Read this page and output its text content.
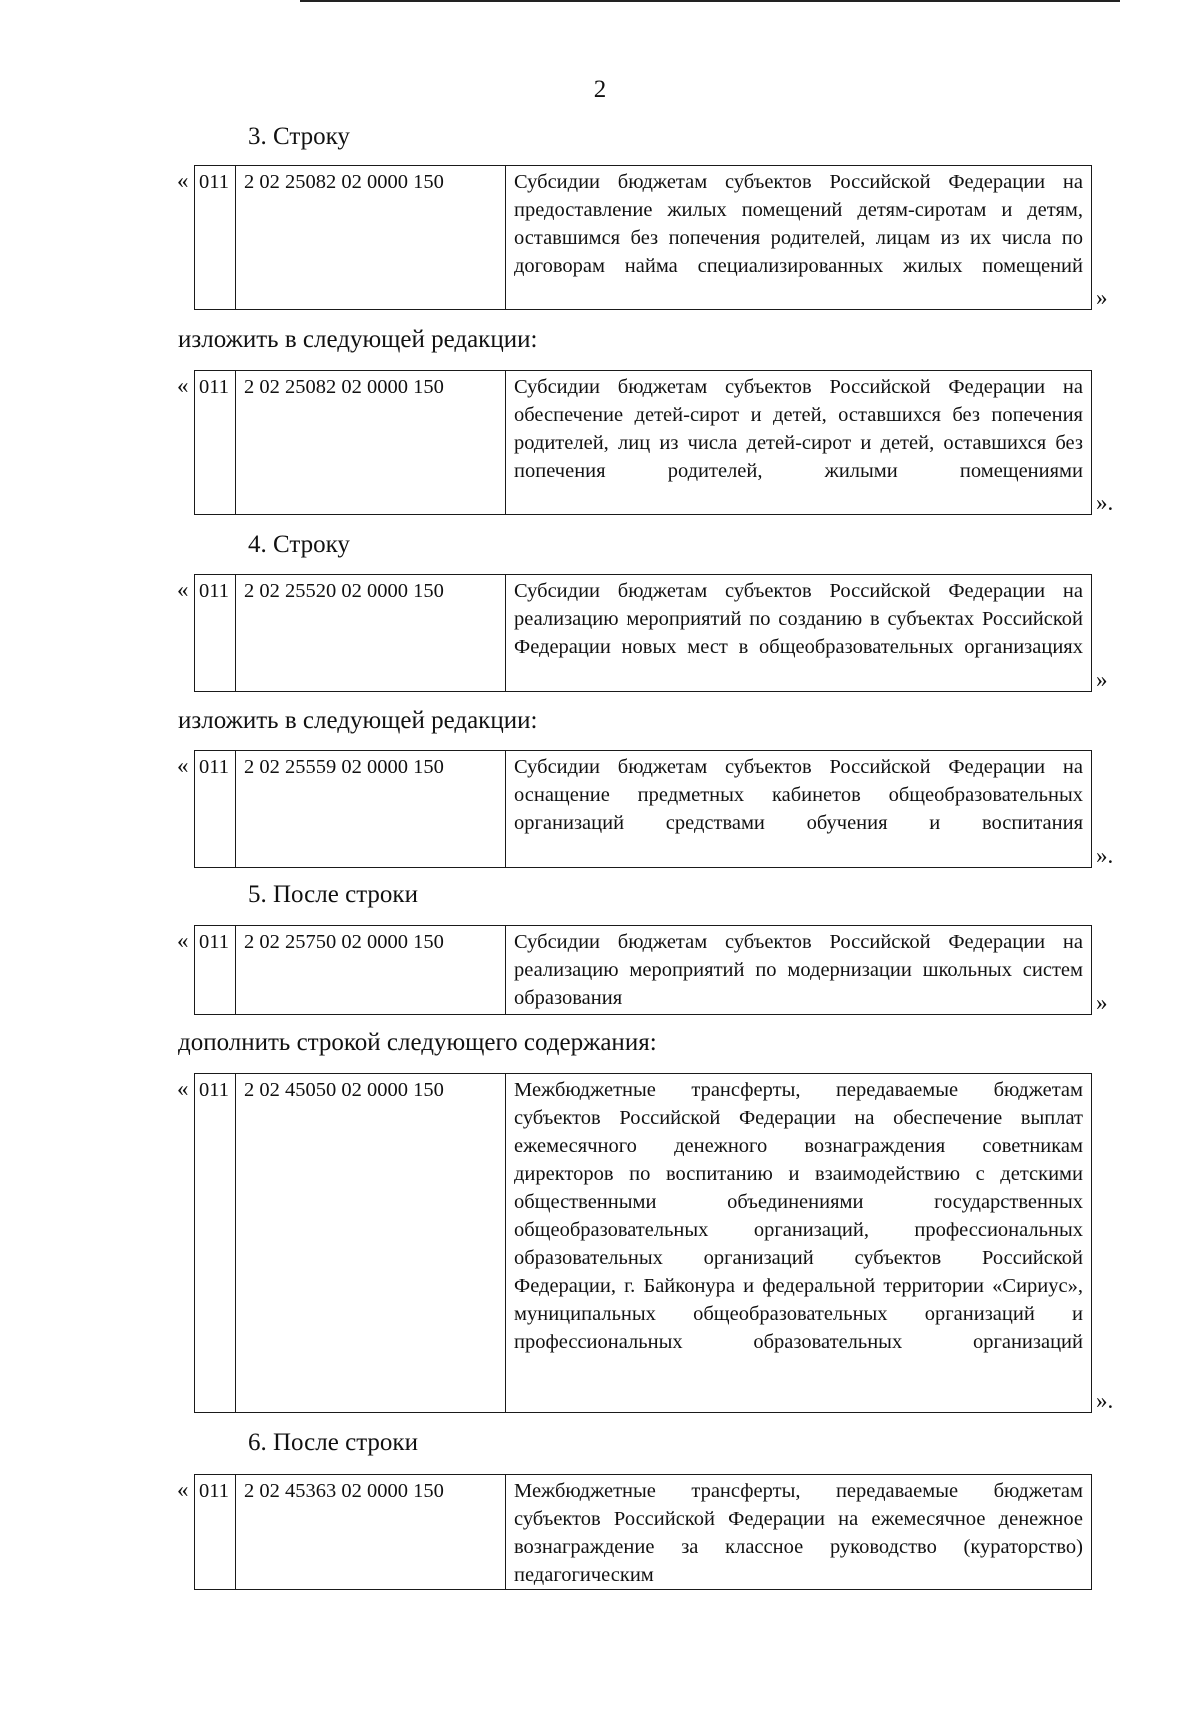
2
3. Строку
« 011	2 02 25082 02 0000 150	Субсидии бюджетам субъектов Российской Федерации на предоставление жилых помещений детям-сиротам и детям, оставшимся без попечения родителей, лицам из их числа по договорам найма специализированных жилых помещений
»
изложить в следующей редакции:
« 011	2 02 25082 02 0000 150	Субсидии бюджетам субъектов Российской Федерации на обеспечение детей-сирот и детей, оставшихся без попечения родителей, лиц из числа детей-сирот и детей, оставшихся без попечения родителей, жилыми помещениями
».
4. Строку
« 011	2 02 25520 02 0000 150	Субсидии бюджетам субъектов Российской Федерации на реализацию мероприятий по созданию в субъектах Российской Федерации новых мест в общеобразовательных организациях
»
изложить в следующей редакции:
« 011	2 02 25559 02 0000 150	Субсидии бюджетам субъектов Российской Федерации на оснащение предметных кабинетов общеобразовательных организаций средствами обучения и воспитания
».
5. После строки
« 011	2 02 25750 02 0000 150	Субсидии бюджетам субъектов Российской Федерации на реализацию мероприятий по модернизации школьных систем образования	»
дополнить строкой следующего содержания:
« 011	2 02 45050 02 0000 150	Межбюджетные трансферты, передаваемые бюджетам субъектов Российской Федерации на обеспечение выплат ежемесячного денежного вознаграждения советникам директоров по воспитанию и взаимодействию с детскими общественными объединениями государственных общеобразовательных организаций, профессиональных образовательных организаций субъектов Российской Федерации, г. Байконура и федеральной территории «Сириус», муниципальных общеобразовательных организаций и профессиональных образовательных организаций
».
6. После строки
« 011	2 02 45363 02 0000 150	Межбюджетные трансферты, передаваемые бюджетам субъектов Российской Федерации на ежемесячное денежное вознаграждение за классное руководство (кураторство) педагогическим
